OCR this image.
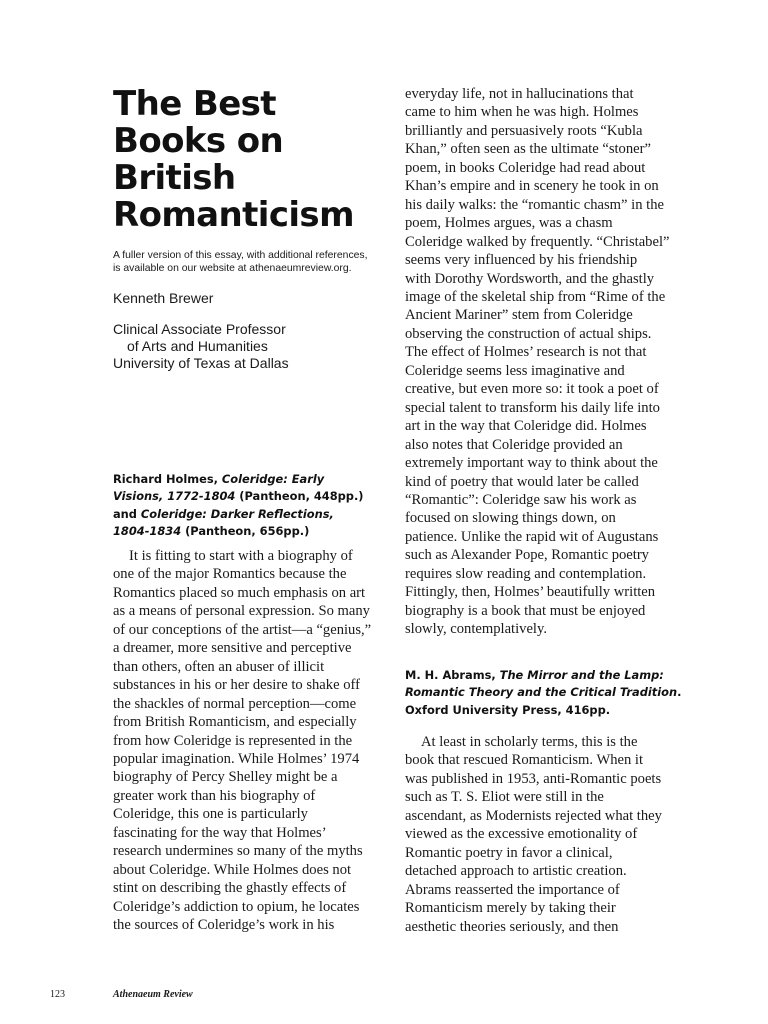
The Best
Books on
British
Romanticism
A fuller version of this essay, with additional references,
is available on our website at athenaeumreview.org.
Kenneth Brewer
Clinical Associate Professor
of Arts and Humanities
University of Texas at Dallas
Richard Holmes, Coleridge: Early
Visions, 1772-1804 (Pantheon, 448pp.)
and Coleridge: Darker Reflections,
1804-1834 (Pantheon, 656pp.)
It is fitting to start with a biography of
one of the major Romantics because the
Romantics placed so much emphasis on art
as a means of personal expression. So many
of our conceptions of the artist—a “genius,”
a dreamer, more sensitive and perceptive
than others, often an abuser of illicit
substances in his or her desire to shake off
the shackles of normal perception—come
from British Romanticism, and especially
from how Coleridge is represented in the
popular imagination. While Holmes’ 1974
biography of Percy Shelley might be a
greater work than his biography of
Coleridge, this one is particularly
fascinating for the way that Holmes’
research undermines so many of the myths
about Coleridge. While Holmes does not
stint on describing the ghastly effects of
Coleridge’s addiction to opium, he locates
the sources of Coleridge’s work in his
everyday life, not in hallucinations that
came to him when he was high. Holmes
brilliantly and persuasively roots “Kubla
Khan,” often seen as the ultimate “stoner”
poem, in books Coleridge had read about
Khan’s empire and in scenery he took in on
his daily walks: the “romantic chasm” in the
poem, Holmes argues, was a chasm
Coleridge walked by frequently. “Christabel”
seems very influenced by his friendship
with Dorothy Wordsworth, and the ghastly
image of the skeletal ship from “Rime of the
Ancient Mariner” stem from Coleridge
observing the construction of actual ships.
The effect of Holmes’ research is not that
Coleridge seems less imaginative and
creative, but even more so: it took a poet of
special talent to transform his daily life into
art in the way that Coleridge did. Holmes
also notes that Coleridge provided an
extremely important way to think about the
kind of poetry that would later be called
“Romantic”: Coleridge saw his work as
focused on slowing things down, on
patience. Unlike the rapid wit of Augustans
such as Alexander Pope, Romantic poetry
requires slow reading and contemplation.
Fittingly, then, Holmes’ beautifully written
biography is a book that must be enjoyed
slowly, contemplatively.
M. H. Abrams, The Mirror and the Lamp:
Romantic Theory and the Critical Tradition.
Oxford University Press, 416pp.
At least in scholarly terms, this is the
book that rescued Romanticism. When it
was published in 1953, anti-Romantic poets
such as T. S. Eliot were still in the
ascendant, as Modernists rejected what they
viewed as the excessive emotionality of
Romantic poetry in favor a clinical,
detached approach to artistic creation.
Abrams reasserted the importance of
Romanticism merely by taking their
aesthetic theories seriously, and then
123	Athenaeum Review
